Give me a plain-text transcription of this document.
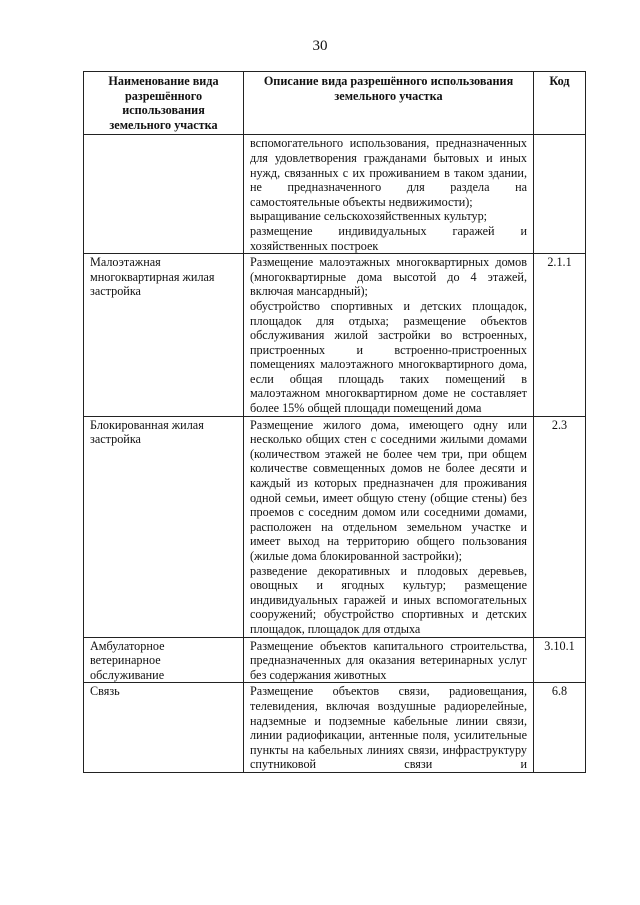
30
Наименование вида разрешённого использования земельного участка	Описание вида разрешённого использования земельного участка	Код

	вспомогательного использования, предназначенных для удовлетворения гражданами бытовых и иных нужд, связанных с их проживанием в таком здании, не предназначенного для раздела на самостоятельные объекты недвижимости);
выращивание сельскохозяйственных культур;
размещение индивидуальных гаражей и хозяйственных построек	

Малоэтажная многоквартирная жилая застройка	Размещение малоэтажных многоквартирных домов (многоквартирные дома высотой до 4 этажей, включая мансардный);
обустройство спортивных и детских площадок, площадок для отдыха; размещение объектов обслуживания жилой застройки во встроенных, пристроенных и встроенно-пристроенных помещениях малоэтажного многоквартирного дома, если общая площадь таких помещений в малоэтажном многоквартирном доме не составляет более 15% общей площади помещений дома	2.1.1
Блокированная жилая застройка	Размещение жилого дома, имеющего одну или несколько общих стен с соседними жилыми домами (количеством этажей не более чем три, при общем количестве совмещенных домов не более десяти и каждый из которых предназначен для проживания одной семьи, имеет общую стену (общие стены) без проемов с соседним домом или соседними домами, расположен на отдельном земельном участке и имеет выход на территорию общего пользования (жилые дома блокированной застройки);
разведение декоративных и плодовых деревьев, овощных и ягодных культур; размещение индивидуальных гаражей и иных вспомогательных сооружений; обустройство спортивных и детских площадок, площадок для отдыха	2.3
Амбулаторное ветеринарное обслуживание	Размещение объектов капитального строительства, предназначенных для оказания ветеринарных услуг без содержания животных	3.10.1
Связь	Размещение объектов связи, радиовещания, телевидения, включая воздушные радиорелейные, надземные и подземные кабельные линии связи, линии радиофикации, антенные поля, усилительные пункты на кабельных линиях связи, инфраструктуру спутниковой связи и	6.8
